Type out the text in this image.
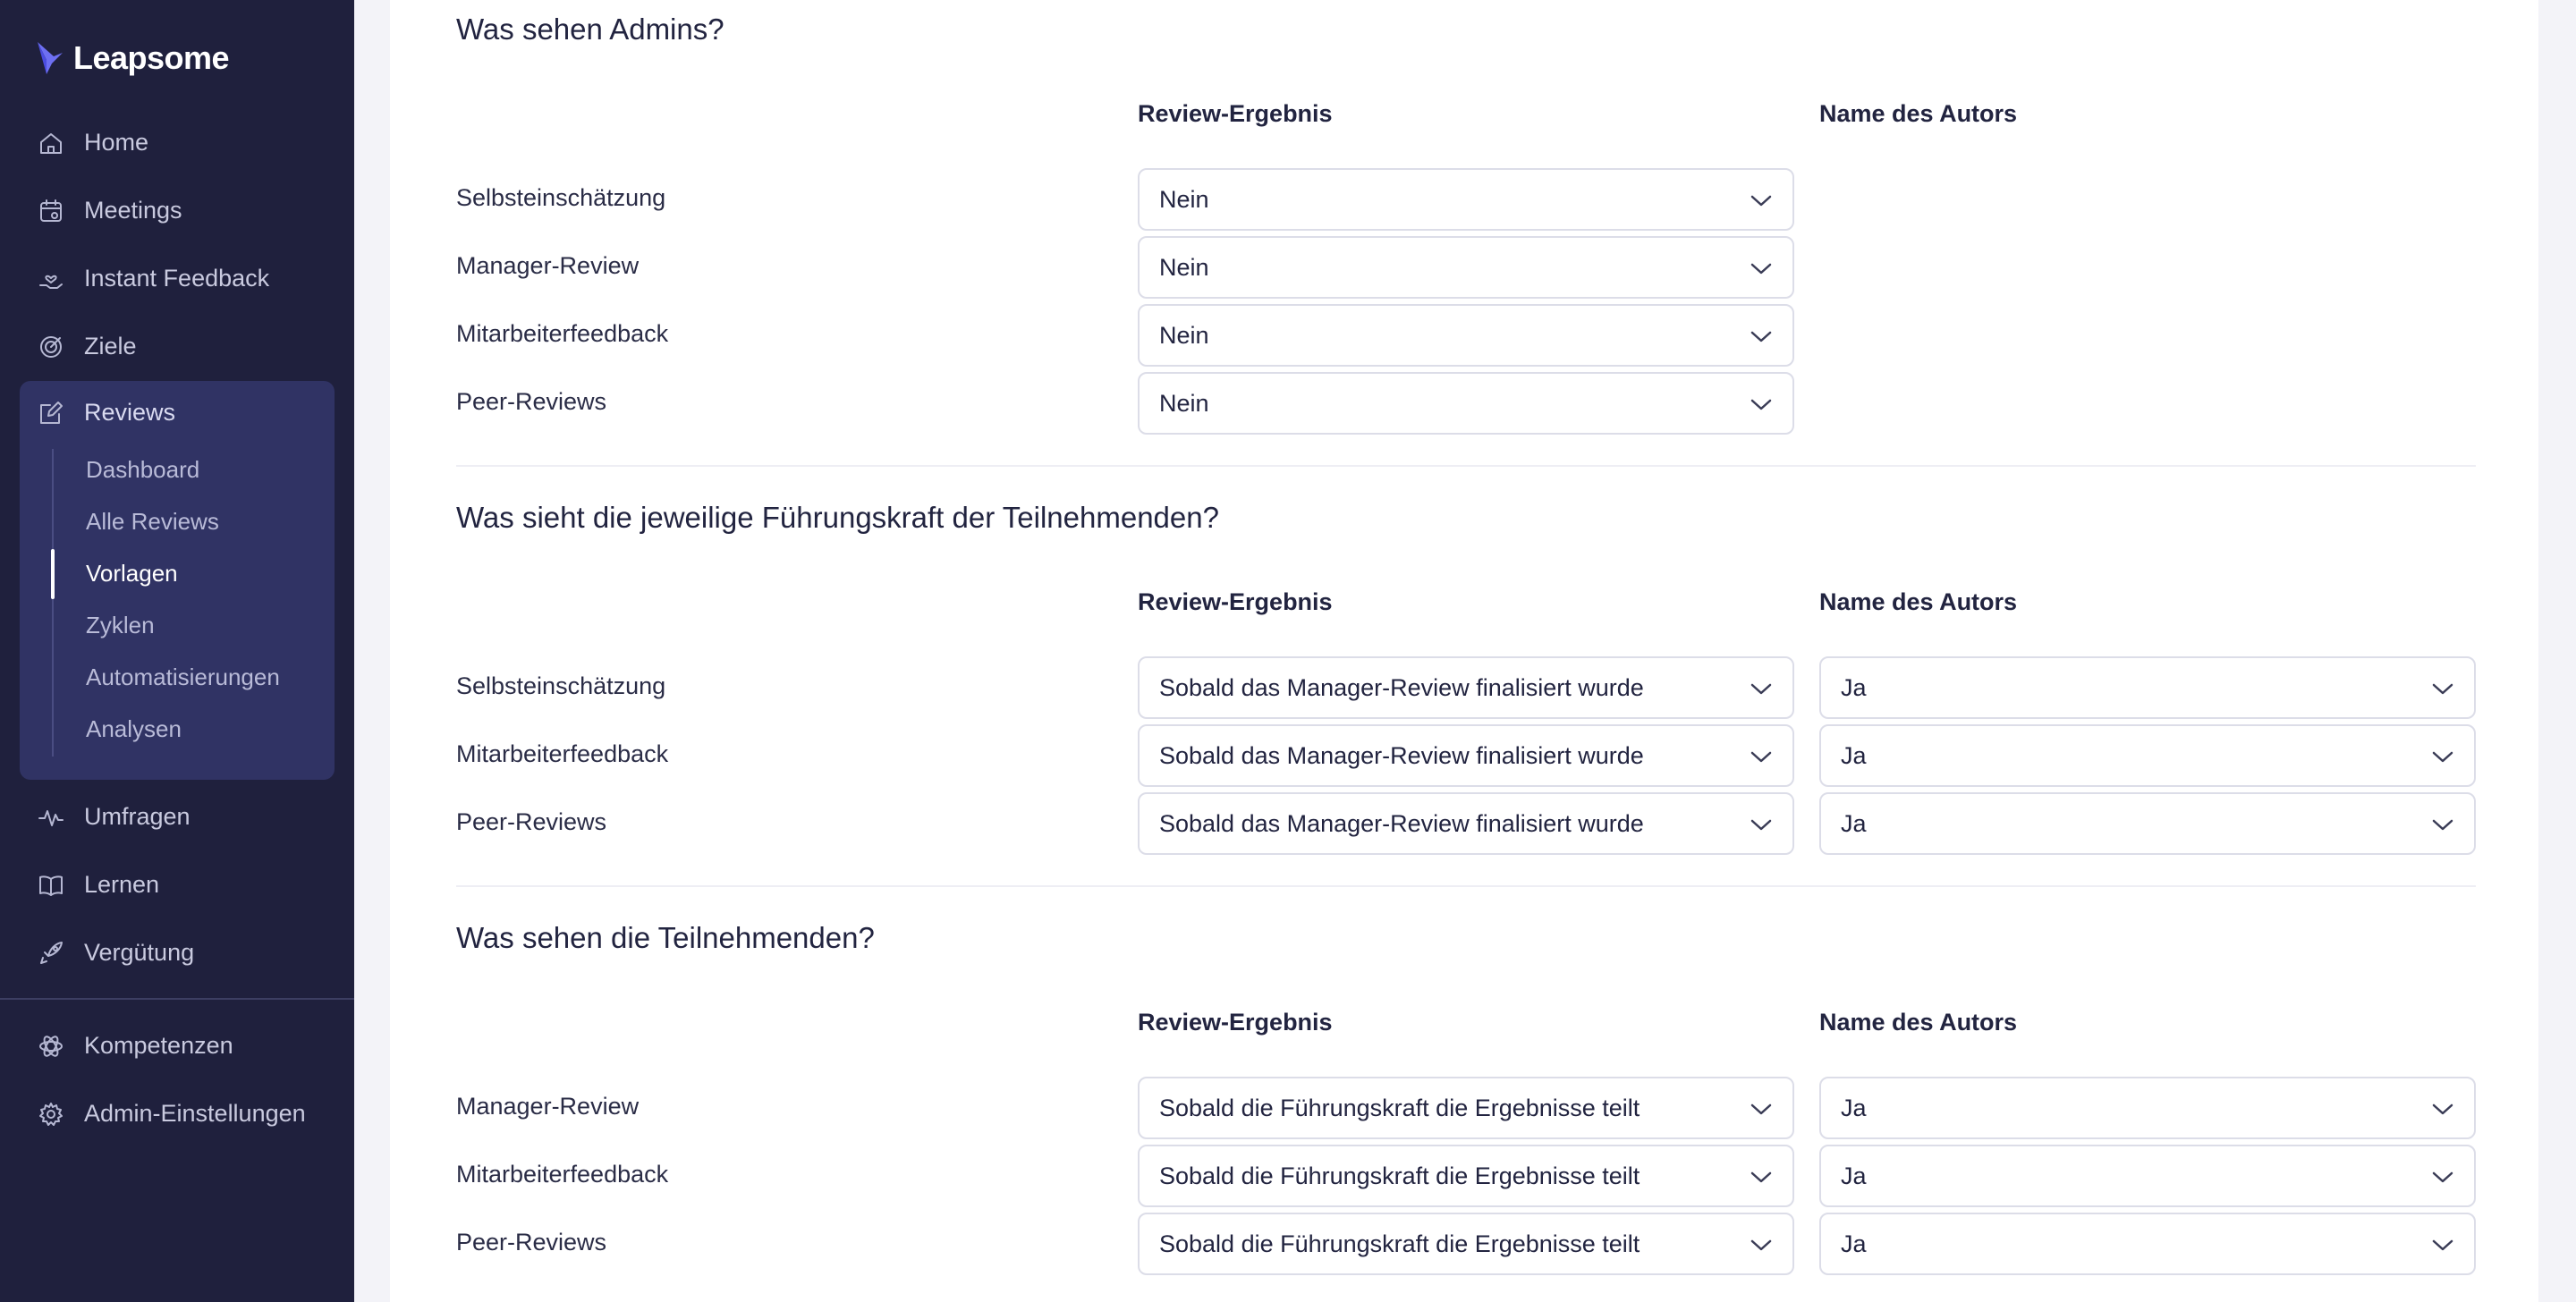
Leapsome
Home
Meetings
Instant Feedback
Ziele
Dashboard
Alle Reviews
Vorlagen
Zyklen
Automatisierungen
Analysen
Reviews
Umfragen
Lernen
Vergütung
Kompetenzen
Admin-Einstellungen
Was sehen Admins?
Review-Ergebnis	Name des Autors
Selbsteinschätzung	Nein
Manager-Review	Nein
Mitarbeiterfeedback	Nein
Peer-Reviews	Nein
Was sieht die jeweilige Führungskraft der Teilnehmenden?
Review-Ergebnis	Name des Autors
Selbsteinschätzung	Sobald das Manager-Review finalisiert wurde	Ja
Mitarbeiterfeedback	Sobald das Manager-Review finalisiert wurde	Ja
Peer-Reviews	Sobald das Manager-Review finalisiert wurde	Ja
Was sehen die Teilnehmenden?
Review-Ergebnis	Name des Autors
Manager-Review	Sobald die Führungskraft die Ergebnisse teilt	Ja
Mitarbeiterfeedback	Sobald die Führungskraft die Ergebnisse teilt	Ja
Peer-Reviews	Sobald die Führungskraft die Ergebnisse teilt	Ja
